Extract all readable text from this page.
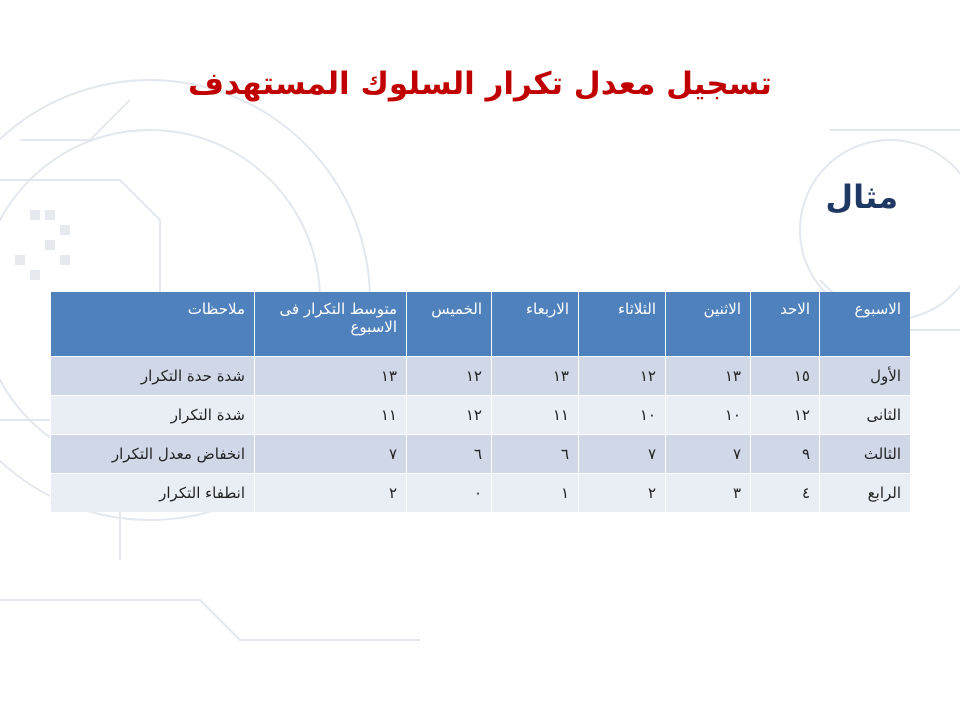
تسجيل معدل تكرار السلوك المستهدف
مثال
الاسبوع	الاحد	الاثنين	الثلاثاء	الاربعاء	الخميس	متوسط التكرار فى الاسبوع	ملاحظات
الأول	١٥	١٣	١٢	١٣	١٢	١٣	شدة حدة التكرار
الثانى	١٢	١٠	١٠	١١	١٢	١١	شدة التكرار
الثالث	٩	٧	٧	٦	٦	٧	انخفاض معدل التكرار
الرابع	٤	٣	٢	١	٠	٢	انطفاء التكرار
